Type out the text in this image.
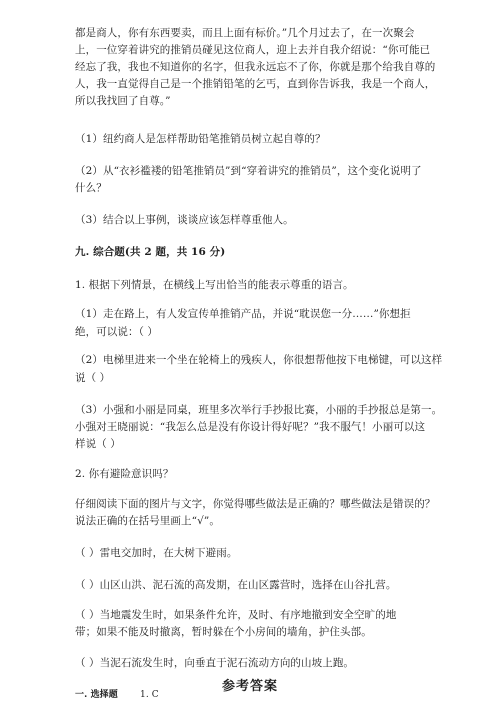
都是商人，你有东西要卖，而且上面有标价。”几个月过去了，在一次聚会
上，一位穿着讲究的推销员碰见这位商人，迎上去并自我介绍说：“你可能已
经忘了我，我也不知道你的名字，但我永远忘不了你，你就是那个给我自尊的
人，我一直觉得自己是一个推销铅笔的乞丐，直到你告诉我，我是一个商人，
所以我找回了自尊。”
（1）纽约商人是怎样帮助铅笔推销员树立起自尊的？
（2）从“衣衫褴褛的铅笔推销员”到“穿着讲究的推销员”，这个变化说明了
什么？
（3）结合以上事例，谈谈应该怎样尊重他人。
九. 综合题(共 2 题，共 16 分)
1. 根据下列情景，在横线上写出恰当的能表示尊重的语言。
（1）走在路上，有人发宣传单推销产品，并说“耽误您一分……”你想拒
绝，可以说：（ ）
（2）电梯里进来一个坐在轮椅上的残疾人，你很想帮他按下电梯键，可以这样
说（ ）
（3）小强和小丽是同桌，班里多次举行手抄报比赛，小丽的手抄报总是第一。
小强对王晓丽说：“我怎么总是没有你设计得好呢？”我不服气！小丽可以这
样说（ ）
2. 你有避险意识吗？
仔细阅读下面的图片与文字，你觉得哪些做法是正确的？哪些做法是错误的？
说法正确的在括号里画上“√”。
（ ）雷电交加时，在大树下避雨。
（ ）山区山洪、泥石流的高发期，在山区露营时，选择在山谷扎营。
（ ）当地震发生时，如果条件允许，及时、有序地撤到安全空旷的地
带；如果不能及时撤离，暂时躲在个小房间的墙角，护住头部。
（ ）当泥石流发生时，向垂直于泥石流动方向的山坡上跑。
参考答案
一. 选择题	1. C
